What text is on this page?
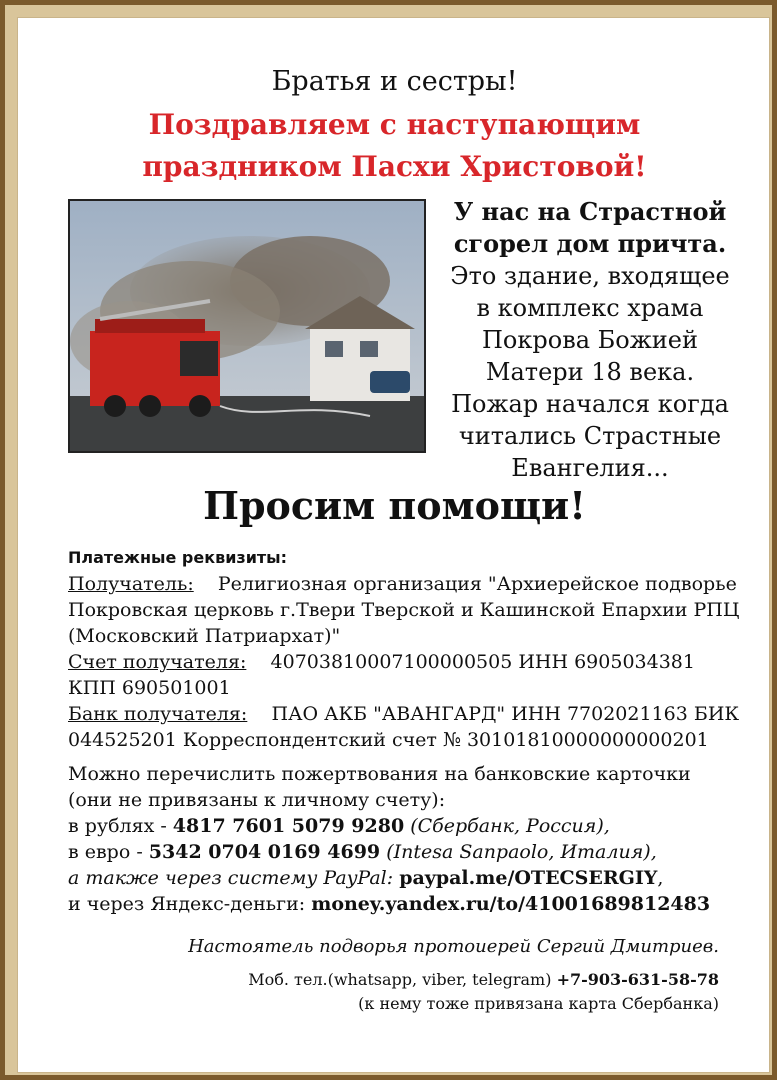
Братья и сестры!
Поздравляем с наступающим
праздником Пасхи Христовой!
У нас на Страстной
сгорел дом причта.
Это здание, входящее
в комплекс храма
Покрова Божией
Матери 18 века.
Пожар начался когда
читались Страстные
Евангелия...
Просим помощи!
Платежные реквизиты:
Получатель: Религиозная организация "Архиерейское подворье
Покровская церковь г.Твери Тверской и Кашинской Епархии РПЦ
(Московский Патриархат)"
Счет получателя: 40703810007100000505 ИНН 6905034381
КПП 690501001
Банк получателя: ПАО АКБ "АВАНГАРД" ИНН 7702021163 БИК
044525201 Корреспондентский счет № 30101810000000000201
Можно перечислить пожертвования на банковские карточки
(они не привязаны к личному счету):
в рублях - 4817 7601 5079 9280 (Сбербанк, Россия),
в евро - 5342 0704 0169 4699 (Intesa Sanpaolo, Италия),
а также через систему PayPal: paypal.me/OTECSERGIY,
и через Яндекс-деньги: money.yandex.ru/to/41001689812483
Настоятель подворья протоиерей Сергий Дмитриев.
Моб. тел.(whatsapp, viber, telegram) +7-903-631-58-78
(к нему тоже привязана карта Сбербанка)
